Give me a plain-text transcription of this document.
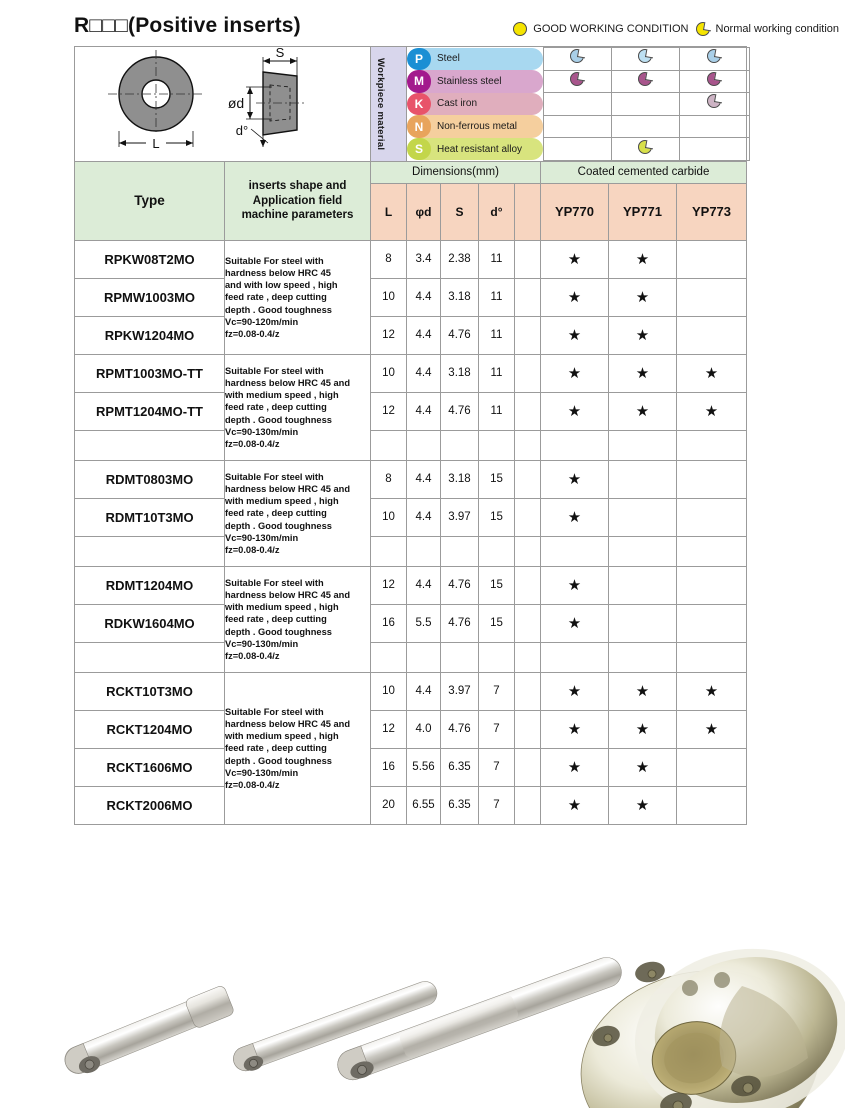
R□□□(Positive inserts)	GOOD WORKING CONDITION Normal working condition
L
S
ød
d°	Workpiece material
		P	Steel

M	Stainless steel

K	Cast iron

N	Non-ferrous metal

S	Heat resistant alloy

Type	inserts shape and
Application field
machine parameters	Dimensions(mm)	Coated cemented carbide
L	φd	S	d°		YP770	YP771	YP773
RPKW08T2MO	Suitable For steel with
hardness below HRC 45
and with low speed , high
feed rate , deep cutting
depth . Good toughness
Vc=90-120m/min
fz=0.08-0.4/z	8	3.4	2.38	11		★	★	
RPMW1003MO	10	4.4	3.18	11		★	★	
RPKW1204MO	12	4.4	4.76	11		★	★	
RPMT1003MO-TT	Suitable For steel with
hardness below HRC 45 and
with medium speed , high
feed rate , deep cutting
depth . Good toughness
Vc=90-130m/min
fz=0.08-0.4/z	10	4.4	3.18	11		★	★	★
RPMT1204MO-TT	12	4.4	4.76	11		★	★	★

RDMT0803MO	Suitable For steel with
hardness below HRC 45 and
with medium speed , high
feed rate , deep cutting
depth . Good toughness
Vc=90-130m/min
fz=0.08-0.4/z	8	4.4	3.18	15		★		
RDMT10T3MO	10	4.4	3.97	15		★		

RDMT1204MO	Suitable For steel with
hardness below HRC 45 and
with medium speed , high
feed rate , deep cutting
depth . Good toughness
Vc=90-130m/min
fz=0.08-0.4/z	12	4.4	4.76	15		★		
RDKW1604MO	16	5.5	4.76	15		★		

RCKT10T3MO	Suitable For steel with
hardness below HRC 45 and
with medium speed , high
feed rate , deep cutting
depth . Good toughness
Vc=90-130m/min
fz=0.08-0.4/z	10	4.4	3.97	7		★	★	★
RCKT1204MO	12	4.0	4.76	7		★	★	★
RCKT1606MO	16	5.56	6.35	7		★	★	
RCKT2006MO	20	6.55	6.35	7		★	★	
